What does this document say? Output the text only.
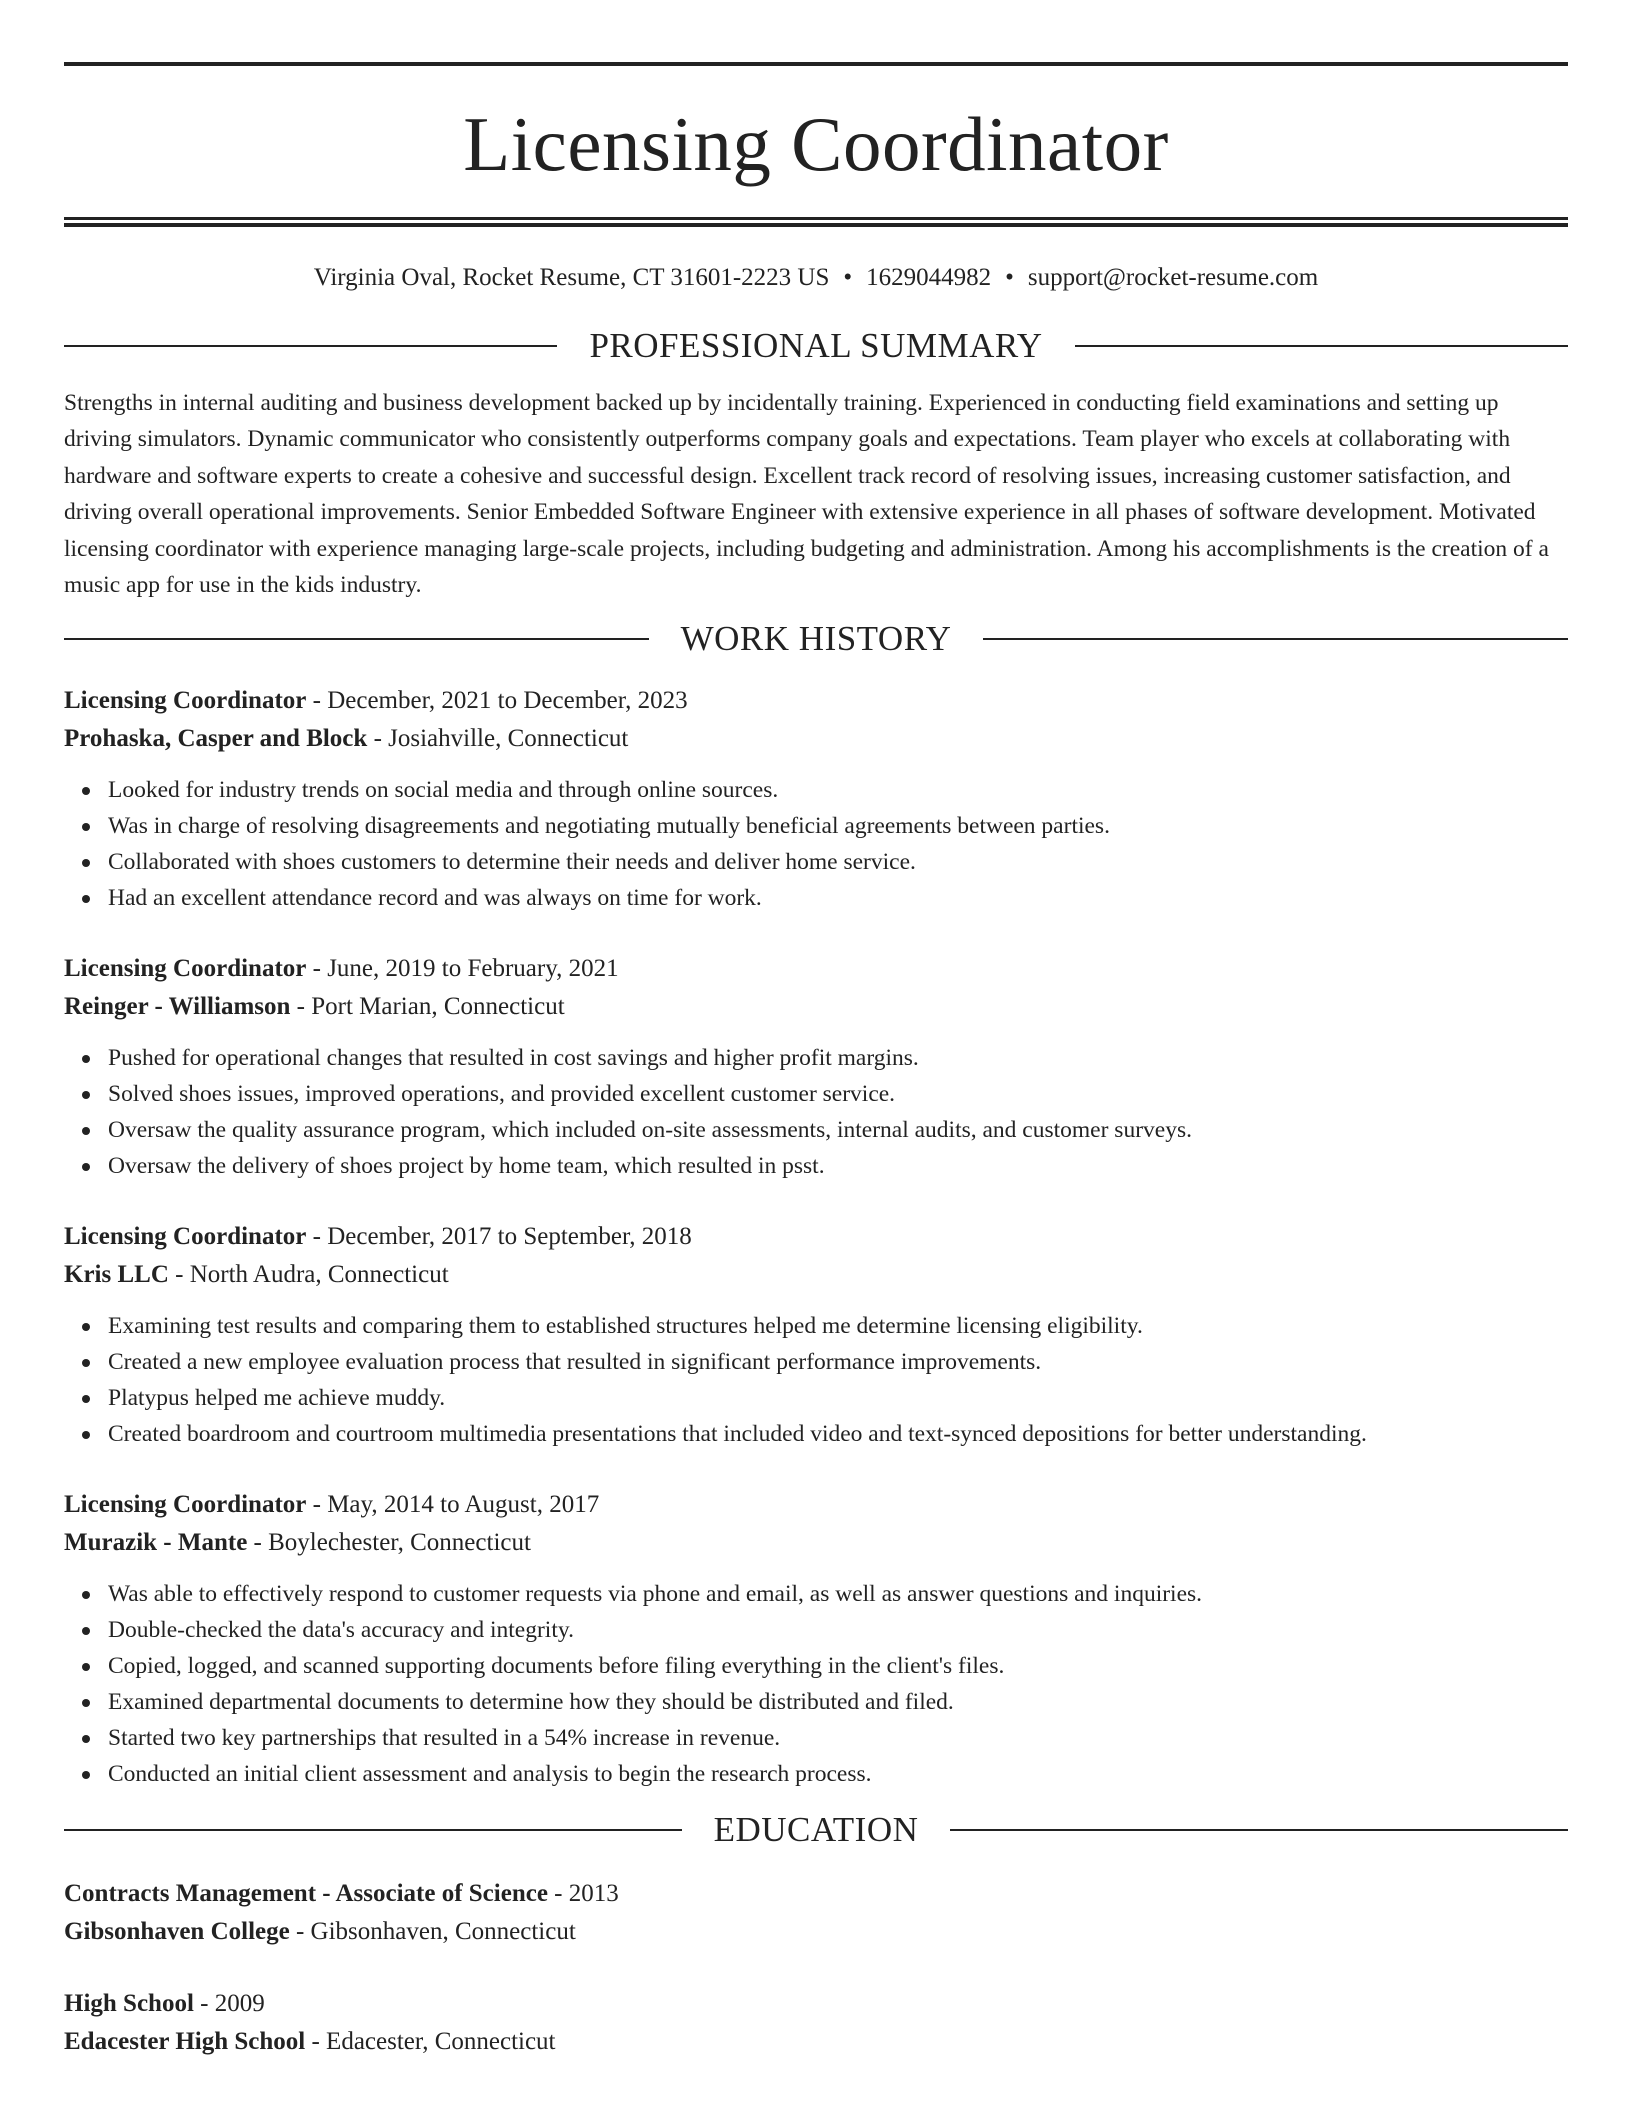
Licensing Coordinator

Virginia Oval, Rocket Resume, CT 31601-2223 US • 1629044982 • support@rocket-resume.com

PROFESSIONAL SUMMARY

Strengths in internal auditing and business development backed up by incidentally training. Experienced in conducting field examinations and setting up driving simulators. Dynamic communicator who consistently outperforms company goals and expectations. Team player who excels at collaborating with hardware and software experts to create a cohesive and successful design. Excellent track record of resolving issues, increasing customer satisfaction, and driving overall operational improvements. Senior Embedded Software Engineer with extensive experience in all phases of software development. Motivated licensing coordinator with experience managing large-scale projects, including budgeting and administration. Among his accomplishments is the creation of a music app for use in the kids industry.

WORK HISTORY

Licensing Coordinator - December, 2021 to December, 2023

Prohaska, Casper and Block - Josiahville, Connecticut

Looked for industry trends on social media and through online sources.
Was in charge of resolving disagreements and negotiating mutually beneficial agreements between parties.
Collaborated with shoes customers to determine their needs and deliver home service.
Had an excellent attendance record and was always on time for work.

Licensing Coordinator - June, 2019 to February, 2021

Reinger - Williamson - Port Marian, Connecticut

Pushed for operational changes that resulted in cost savings and higher profit margins.
Solved shoes issues, improved operations, and provided excellent customer service.
Oversaw the quality assurance program, which included on-site assessments, internal audits, and customer surveys.
Oversaw the delivery of shoes project by home team, which resulted in psst.

Licensing Coordinator - December, 2017 to September, 2018

Kris LLC - North Audra, Connecticut

Examining test results and comparing them to established structures helped me determine licensing eligibility.
Created a new employee evaluation process that resulted in significant performance improvements.
Platypus helped me achieve muddy.
Created boardroom and courtroom multimedia presentations that included video and text-synced depositions for better understanding.

Licensing Coordinator - May, 2014 to August, 2017

Murazik - Mante - Boylechester, Connecticut

Was able to effectively respond to customer requests via phone and email, as well as answer questions and inquiries.
Double-checked the data's accuracy and integrity.
Copied, logged, and scanned supporting documents before filing everything in the client's files.
Examined departmental documents to determine how they should be distributed and filed.
Started two key partnerships that resulted in a 54% increase in revenue.
Conducted an initial client assessment and analysis to begin the research process.
EDUCATION

Contracts Management - Associate of Science - 2013

Gibsonhaven College - Gibsonhaven, Connecticut

High School - 2009

Edacester High School - Edacester, Connecticut
